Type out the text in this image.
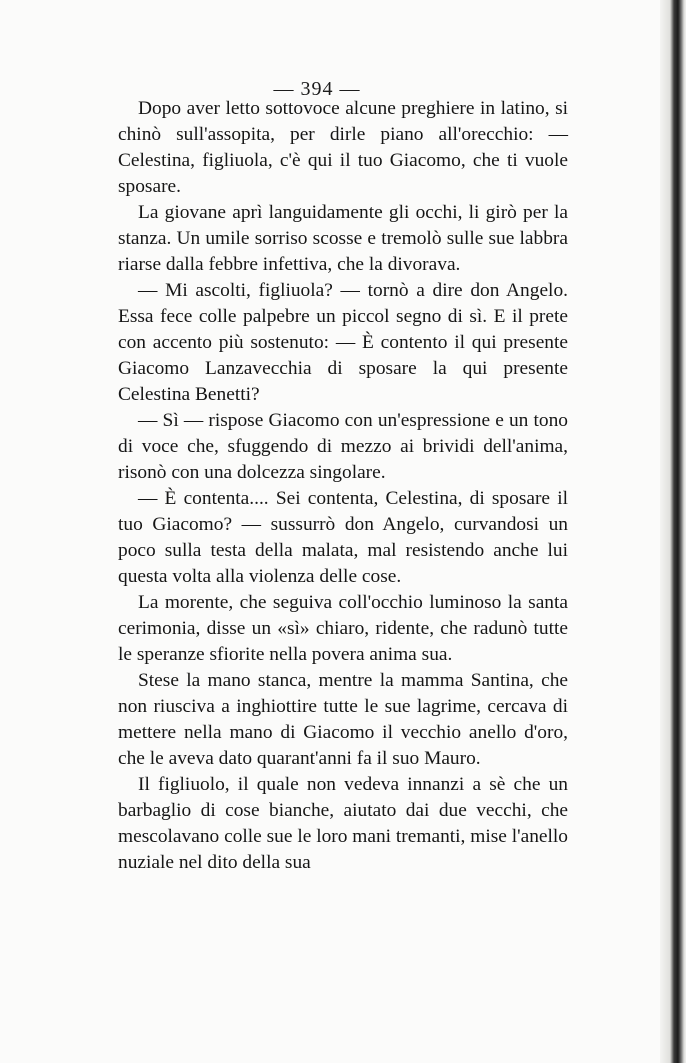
— 394 —

Dopo aver letto sottovoce alcune preghiere in latino, si chinò sull'assopita, per dirle piano all'orecchio: — Celestina, figliuola, c'è qui il tuo Giacomo, che ti vuole sposare.

La giovane aprì languidamente gli occhi, li girò per la stanza. Un umile sorriso scosse e tremolò sulle sue labbra riarse dalla febbre infettiva, che la divorava.

— Mi ascolti, figliuola? — tornò a dire don Angelo. Essa fece colle palpebre un piccol segno di sì. E il prete con accento più sostenuto: — È contento il qui presente Giacomo Lanzavecchia di sposare la qui presente Celestina Benetti?

— Sì — rispose Giacomo con un'espressione e un tono di voce che, sfuggendo di mezzo ai brividi dell'anima, risonò con una dolcezza singolare.

— È contenta.... Sei contenta, Celestina, di sposare il tuo Giacomo? — sussurrò don Angelo, curvandosi un poco sulla testa della malata, mal resistendo anche lui questa volta alla violenza delle cose.

La morente, che seguiva coll'occhio luminoso la santa cerimonia, disse un «sì» chiaro, ridente, che radunò tutte le speranze sfiorite nella povera anima sua.

Stese la mano stanca, mentre la mamma Santina, che non riusciva a inghiottire tutte le sue lagrime, cercava di mettere nella mano di Giacomo il vecchio anello d'oro, che le aveva dato quarant'anni fa il suo Mauro.

Il figliuolo, il quale non vedeva innanzi a sè che un barbaglio di cose bianche, aiutato dai due vecchi, che mescolavano colle sue le loro mani tremanti, mise l'anello nuziale nel dito della sua
